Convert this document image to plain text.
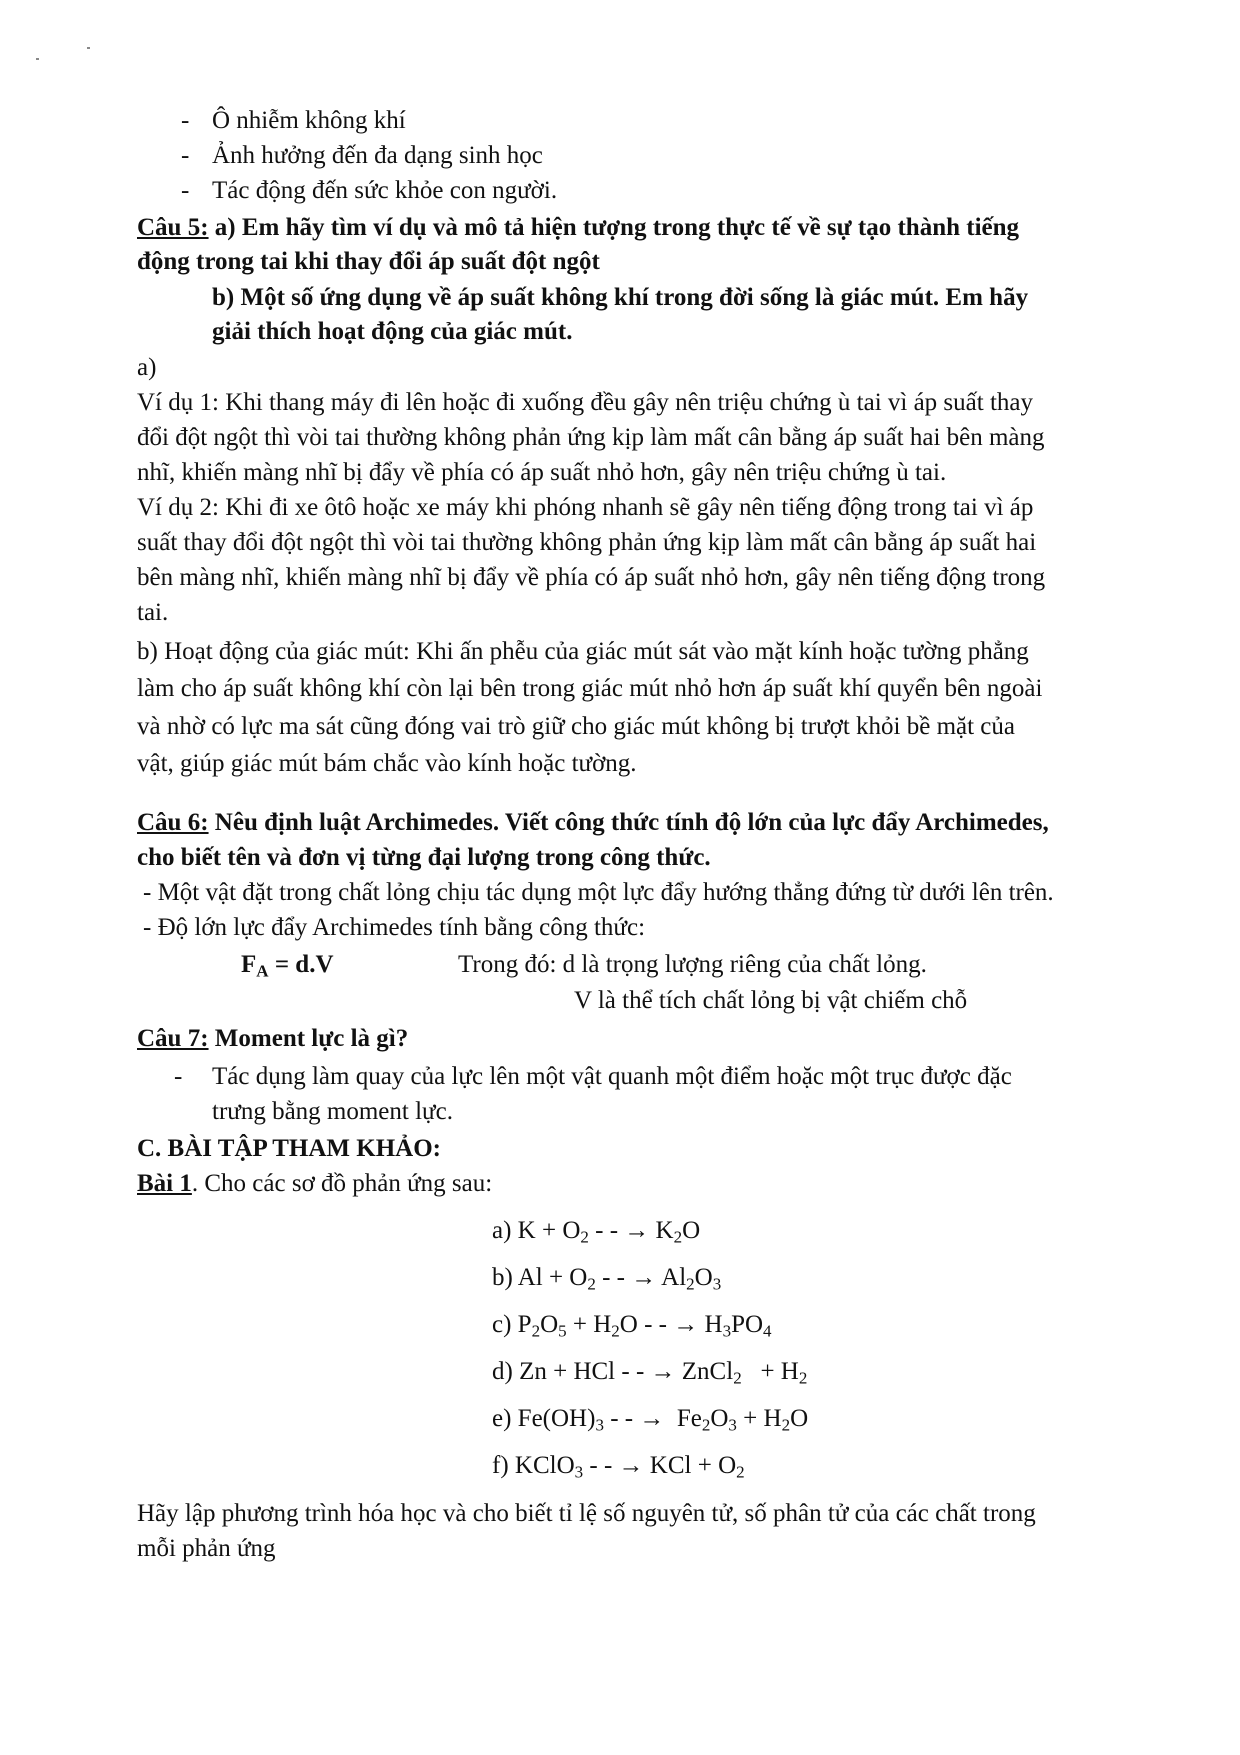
- Ô nhiễm không khí
- Ảnh hưởng đến đa dạng sinh học
- Tác động đến sức khỏe con người.
Câu 5: a) Em hãy tìm ví dụ và mô tả hiện tượng trong thực tế về sự tạo thành tiếng
động trong tai khi thay đổi áp suất đột ngột
b) Một số ứng dụng về áp suất không khí trong đời sống là giác mút. Em hãy
giải thích hoạt động của giác mút.
a)
Ví dụ 1: Khi thang máy đi lên hoặc đi xuống đều gây nên triệu chứng ù tai vì áp suất thay
đổi đột ngột thì vòi tai thường không phản ứng kịp làm mất cân bằng áp suất hai bên màng
nhĩ, khiến màng nhĩ bị đẩy về phía có áp suất nhỏ hơn, gây nên triệu chứng ù tai.
Ví dụ 2: Khi đi xe ôtô hoặc xe máy khi phóng nhanh sẽ gây nên tiếng động trong tai vì áp
suất thay đổi đột ngột thì vòi tai thường không phản ứng kịp làm mất cân bằng áp suất hai
bên màng nhĩ, khiến màng nhĩ bị đẩy về phía có áp suất nhỏ hơn, gây nên tiếng động trong
tai.
b) Hoạt động của giác mút: Khi ấn phễu của giác mút sát vào mặt kính hoặc tường phẳng
làm cho áp suất không khí còn lại bên trong giác mút nhỏ hơn áp suất khí quyển bên ngoài
và nhờ có lực ma sát cũng đóng vai trò giữ cho giác mút không bị trượt khỏi bề mặt của
vật, giúp giác mút bám chắc vào kính hoặc tường.
Câu 6: Nêu định luật Archimedes. Viết công thức tính độ lớn của lực đẩy Archimedes,
cho biết tên và đơn vị từng đại lượng trong công thức.
- Một vật đặt trong chất lỏng chịu tác dụng một lực đẩy hướng thẳng đứng từ dưới lên trên.
- Độ lớn lực đẩy Archimedes tính bằng công thức:
$F_A = d.V$	Trong đó: d là trọng lượng riêng của chất lỏng.
V là thể tích chất lỏng bị vật chiếm chỗ
Câu 7: Moment lực là gì?
- Tác dụng làm quay của lực lên một vật quanh một điểm hoặc một trục được đặc
trưng bằng moment lực.
C. BÀI TẬP THAM KHẢO:
Bài 1. Cho các sơ đồ phản ứng sau:
a) $K + O_2$ - - → $K_2O$
b) $Al + O_2$ - - → $Al_2O_3$
c) $P_2O_5 + H_2O$ - - → $H_3PO_4$
d) Zn + HCl - - → ZnCl$_2$   + $H_2$
e) $Fe(OH)_3$ - - →  $Fe_2O_3 + H_2O$
f) KClO$_3$ - - → KCl + $O_2$
Hãy lập phương trình hóa học và cho biết tỉ lệ số nguyên tử, số phân tử của các chất trong
mỗi phản ứng
